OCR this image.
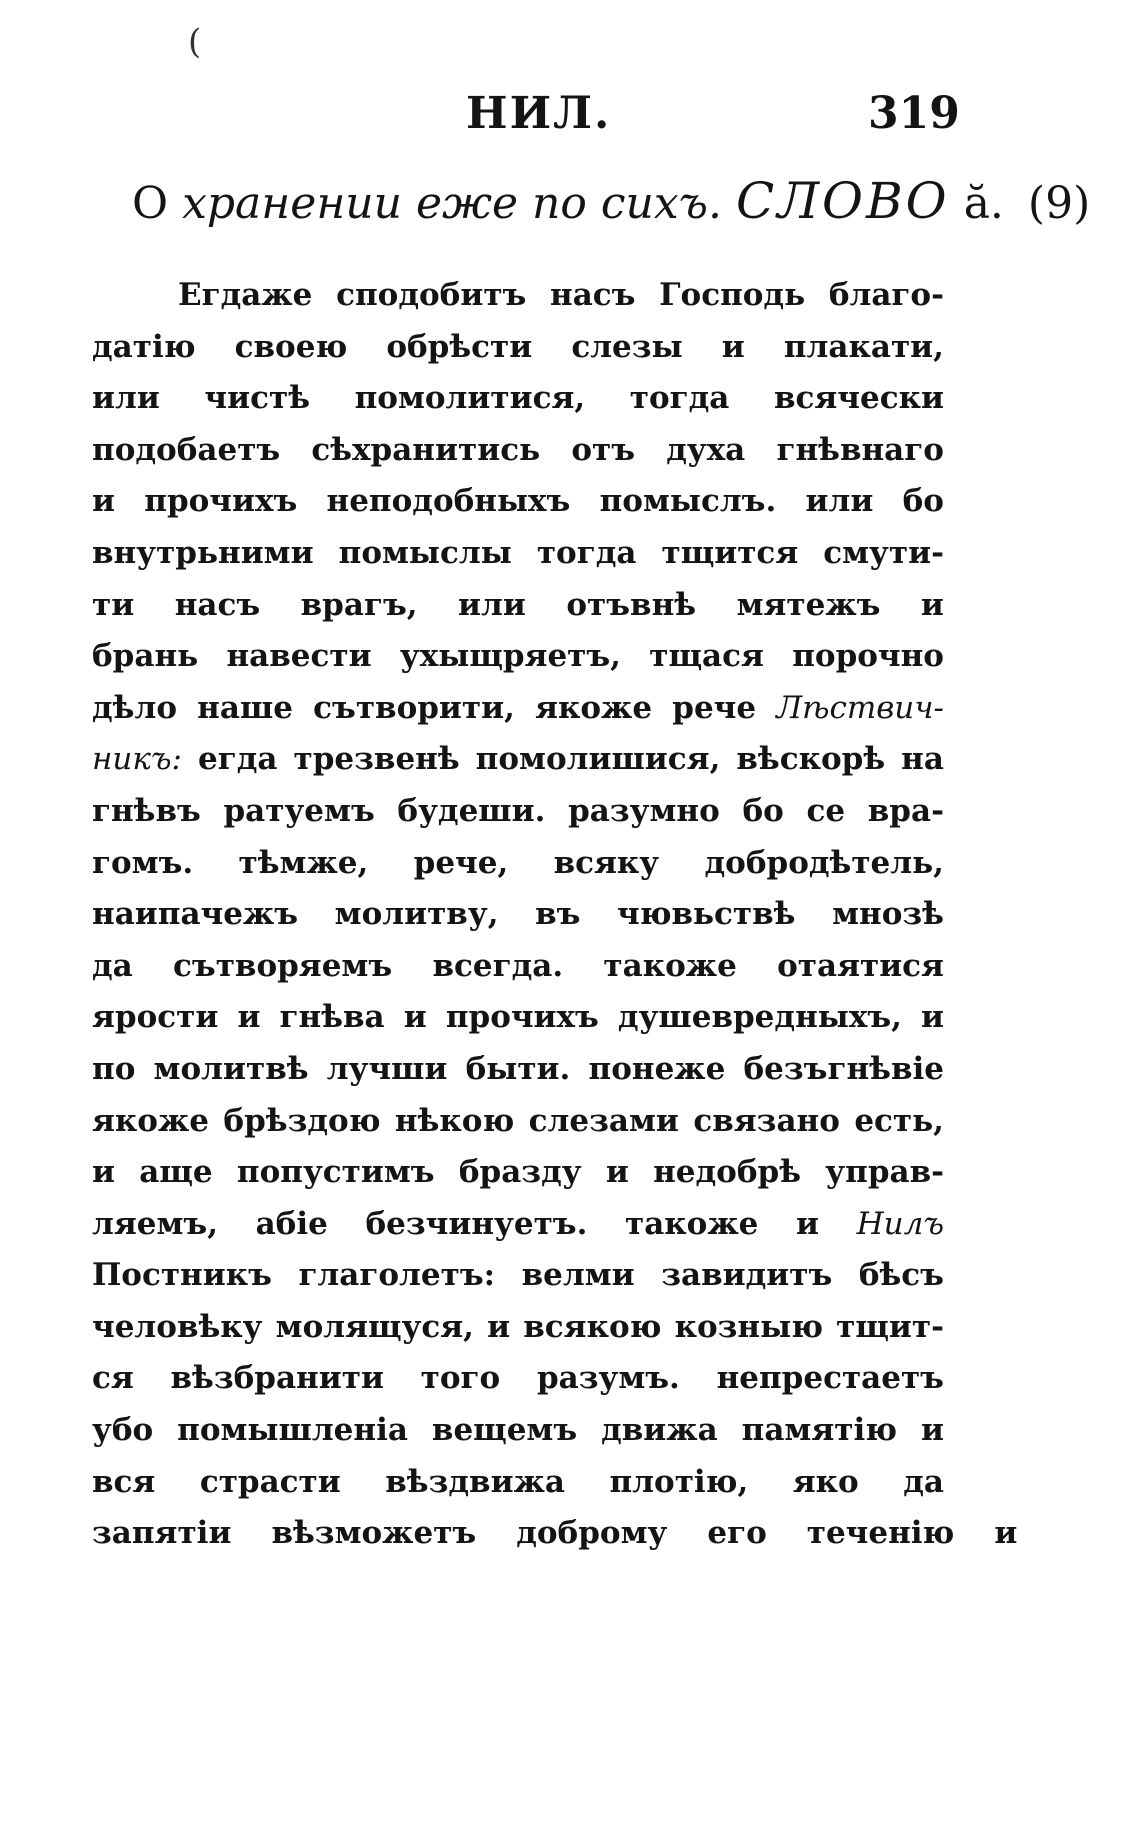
(
НИЛ.	319
О хранении еже по сихъ. СЛОВО ӑ. (9)
Егдаже сподобитъ насъ Господь благо-
датiю своею обрѣсти слезы и плакати,
или чистѣ помолитися, тогда всячески
подобаетъ сѣхранитись отъ духа гнѣвнаго
и прочихъ неподобныхъ помыслъ. или бо
внутрьними помыслы тогда тщится смути-
ти насъ врагъ, или отъвнѣ мятежъ и
брань навести ухыщряетъ, тщася порочно
дѣло наше сътворити, якоже рече Лѣствич-
никъ: егда трезвенѣ помолишися, вѣскорѣ на
гнѣвъ ратуемъ будеши. разумно бо се вра-
гомъ. тѣмже, рече, всяку добродѣтель,
наипачежъ молитву, въ чювьствѣ мнозѣ
да сътворяемъ всегда. такоже отаятися
ярости и гнѣва и прочихъ душевредныхъ, и
по молитвѣ лучши быти. понеже безъгнѣвiе
якоже брѣздою нѣкою слезами связано есть,
и аще попустимъ бразду и недобрѣ управ-
ляемъ, абiе безчинуетъ. такоже и Нилъ
Постникъ глаголетъ: велми завидитъ бѣсъ
человѣку молящуся, и всякою козныю тщит-
ся вѣзбранити того разумъ. непрестаетъ
убо помышленiа вещемъ движа памятiю и
вся страсти вѣздвижа плотiю, яко да
запятiи вѣзможетъ доброму его теченiю и
